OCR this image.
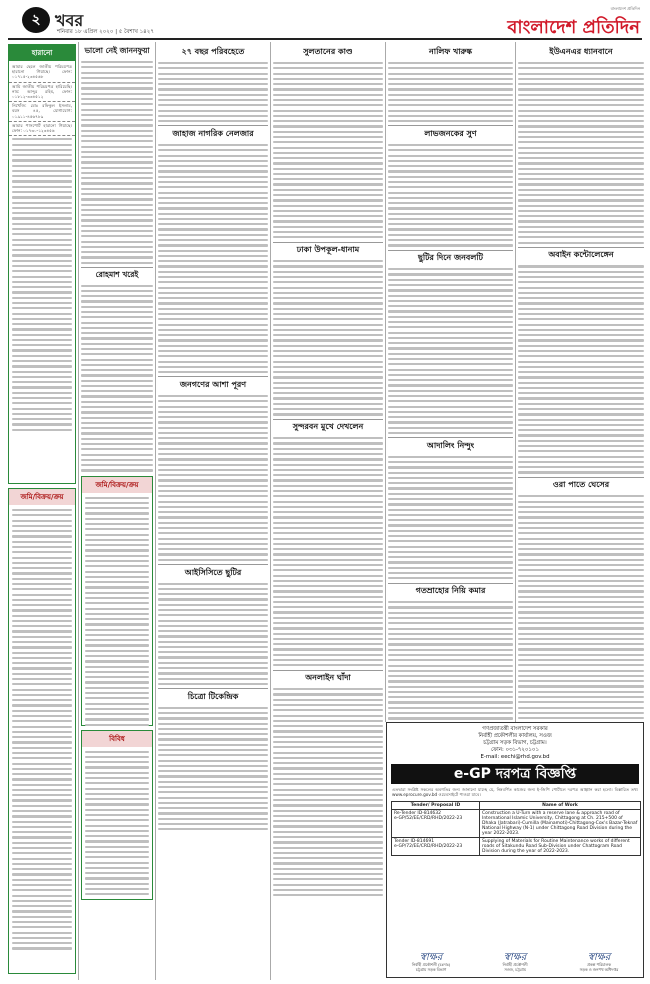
২ খবর
শনিবার ১৮ এপ্রিল ২০২০ | ৫ বৈশাখ ১৪২৭
বাংলাদেশ প্রতিদিন
বাংলাদেশ প্রতিদিন
হারানো
আমার ছেলে জাতীয় পরিচয়পত্র হারানো গিয়াছে। ফোন: ০১৭১৫-২৩৪৫৬৮
আমি জাতীয় পরিচয়পত্র হারিয়েছি। নাম: আব্দুর রহিম, ফোন: ০১৮১২-৩৩৪৫১২
নিখোঁজ: মোঃ রফিকুল ইসলাম, বয়স ৪৫, যোগাযোগ: ০১৯১১-৪৫৬৭৮৯
আমার পাসপোর্ট হারানো গিয়াছে। ফোন: ০১৭৩০-১২৩৪৫৬
জমি/বিক্রয়/ক্রয়
ভালো নেই জাননফুয়া
রোহমাশ খরেই
জমি/বিক্রয়/ক্রয়
বিবিধ
২৭ বছর পরিবহেতে
জাহাজ নাগরিক নেলজার
জনগণের আশা পূরণ
আইসিসিতে ছুটির
চিত্রো টিকেন্দ্রিক
সুলতানের কাণ্ড
ঢাকা উপকূল-ধানাম
সুন্দরবন মুখে দেখলেন
অনলাইন ঘাঁদা
নালিফ খারুষ্ক
লাভজনকের সুণ
ছুটির দিনে জনবলটি
আদালিং নিন্দুং
গতম্রাহোর নিয়ি কমার
ইউএনএর ধ্যানবানে
অবাইন কন্টোলেঙ্গেন
ওরা পাতে ঘেসের
গণপ্রজাতন্ত্রী বাংলাদেশ সরকার
নির্বাহী প্রকৌশলীর কার্যালয়, সওজ
চট্টগ্রাম সড়ক বিভাগ, চট্টগ্রাম।
ফোন: ০৩১-৭২০১০১
E-mail: eechi@rhd.gov.bd
e-GP দরপত্র বিজ্ঞপ্তি
এতদ্বারা সংশ্লিষ্ট সকলের অবগতির জন্য জানানো যাচ্ছে যে, নিম্নবর্ণিত কাজের জন্য ই-জিপি পোর্টালে দরপত্র আহ্বান করা হলো। বিস্তারিত তথ্য www.eprocure.gov.bd ওয়েবসাইটে পাওয়া যাবে।
Tender/ Proposal ID	Name of Work
Re-Tender ID-814632
e-GP/52/EE/CRD/RHD/2022-23	Construction a U-Turn with a reserve lane & approach road of International Islamic University, Chittagong at Ch. 215+500 of Dhaka (Jatrabari)-Cumilla (Mainamoti)-Chittagong-Cox's Bazar-Teknaf National Highway (N-1) under Chittagong Road Division during the year 2022-2023.
Tender ID-814691
e-GP/72/EE/CRD/RHD/2022-23	Supplying of Materials for Routine Maintenance works of different roads of Sitakundu Road Sub-Division under Chattogram Road Division during the year of 2022-2023.
স্বাক্ষর
নির্বাহী প্রকৌশলী (চঃদাঃ)
চট্টগ্রাম সড়ক বিভাগ
স্বাক্ষর
নির্বাহী প্রকৌশলী
সওজ, চট্টগ্রাম
স্বাক্ষর
প্রকল্প পরিচালক
সড়ক ও জনপথ অধিদপ্তর
